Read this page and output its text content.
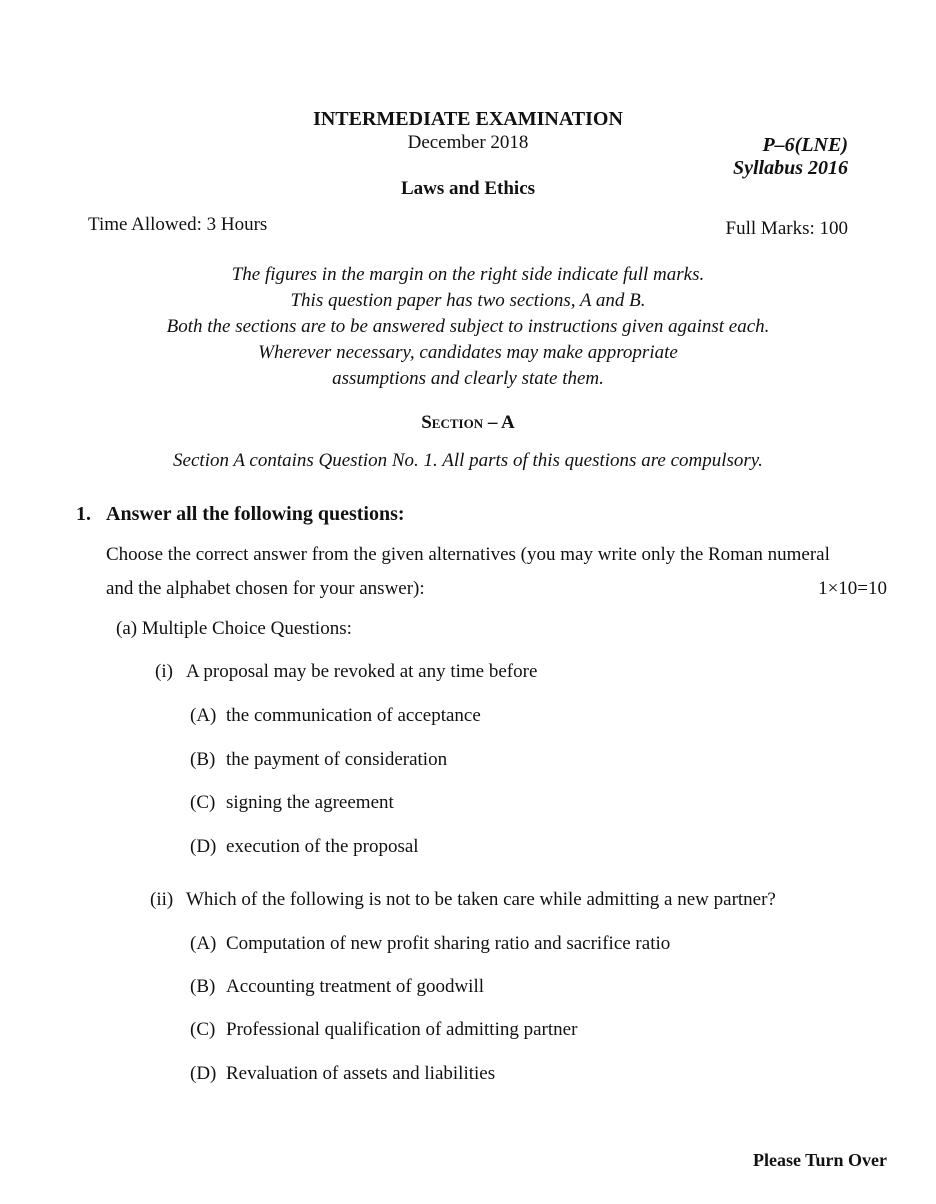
INTERMEDIATE EXAMINATION
December 2018	P–6(LNE)
Syllabus 2016
Laws and Ethics
Time Allowed: 3 Hours	Full Marks: 100
The figures in the margin on the right side indicate full marks.
This question paper has two sections, A and B.
Both the sections are to be answered subject to instructions given against each.
Wherever necessary, candidates may make appropriate
assumptions and clearly state them.
Section – A
Section A contains Question No. 1. All parts of this questions are compulsory.
1. Answer all the following questions:
Choose the correct answer from the given alternatives (you may write only the Roman numeral
and the alphabet chosen for your answer):	1×10=10
(a) Multiple Choice Questions:
(i) A proposal may be revoked at any time before
(A) the communication of acceptance
(B) the payment of consideration
(C) signing the agreement
(D) execution of the proposal
(ii) Which of the following is not to be taken care while admitting a new partner?
(A) Computation of new profit sharing ratio and sacrifice ratio
(B) Accounting treatment of goodwill
(C) Professional qualification of admitting partner
(D) Revaluation of assets and liabilities
Please Turn Over
